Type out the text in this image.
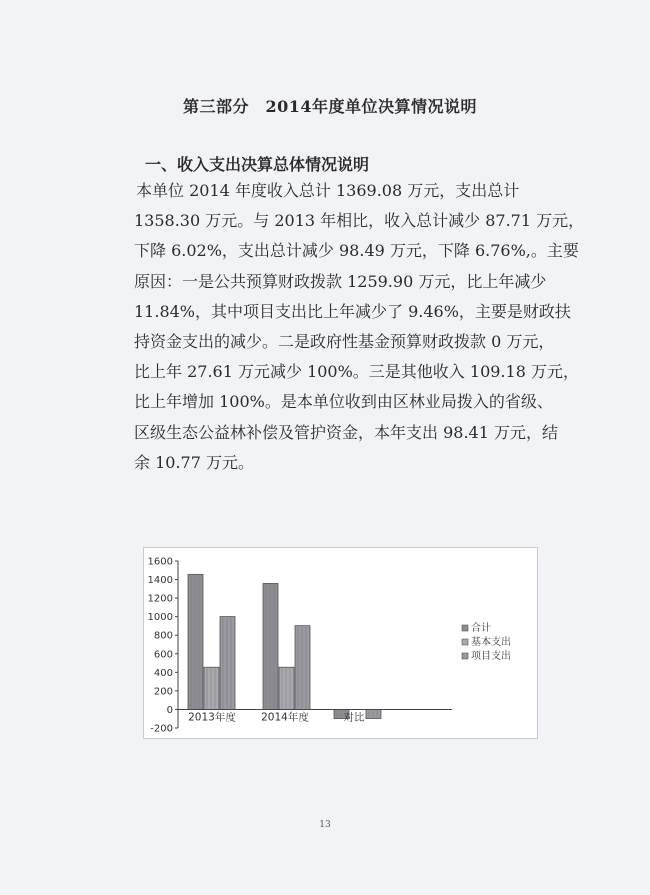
第三部分　2014年度单位决算情况说明
一、收入支出决算总体情况说明
本单位 2014 年度收入总计 1369.08 万元，支出总计
1358.30 万元。与 2013 年相比，收入总计减少 87.71 万元，
下降 6.02%，支出总计减少 98.49 万元，下降 6.76%,。主要
原因：一是公共预算财政拨款 1259.90 万元，比上年减少
11.84%，其中项目支出比上年减少了 9.46%，主要是财政扶
持资金支出的减少。二是政府性基金预算财政拨款 0 万元，
比上年 27.61 万元减少 100%。三是其他收入 109.18 万元，
比上年增加 100%。是本单位收到由区林业局拨入的省级、
区级生态公益林补偿及管护资金，本年支出 98.41 万元，结
余 10.77 万元。
1600
1400
1200
1000
800
600
400
200
0
-200
2013年度 2014年度	对比
合计
基本支出
项目支出
13
